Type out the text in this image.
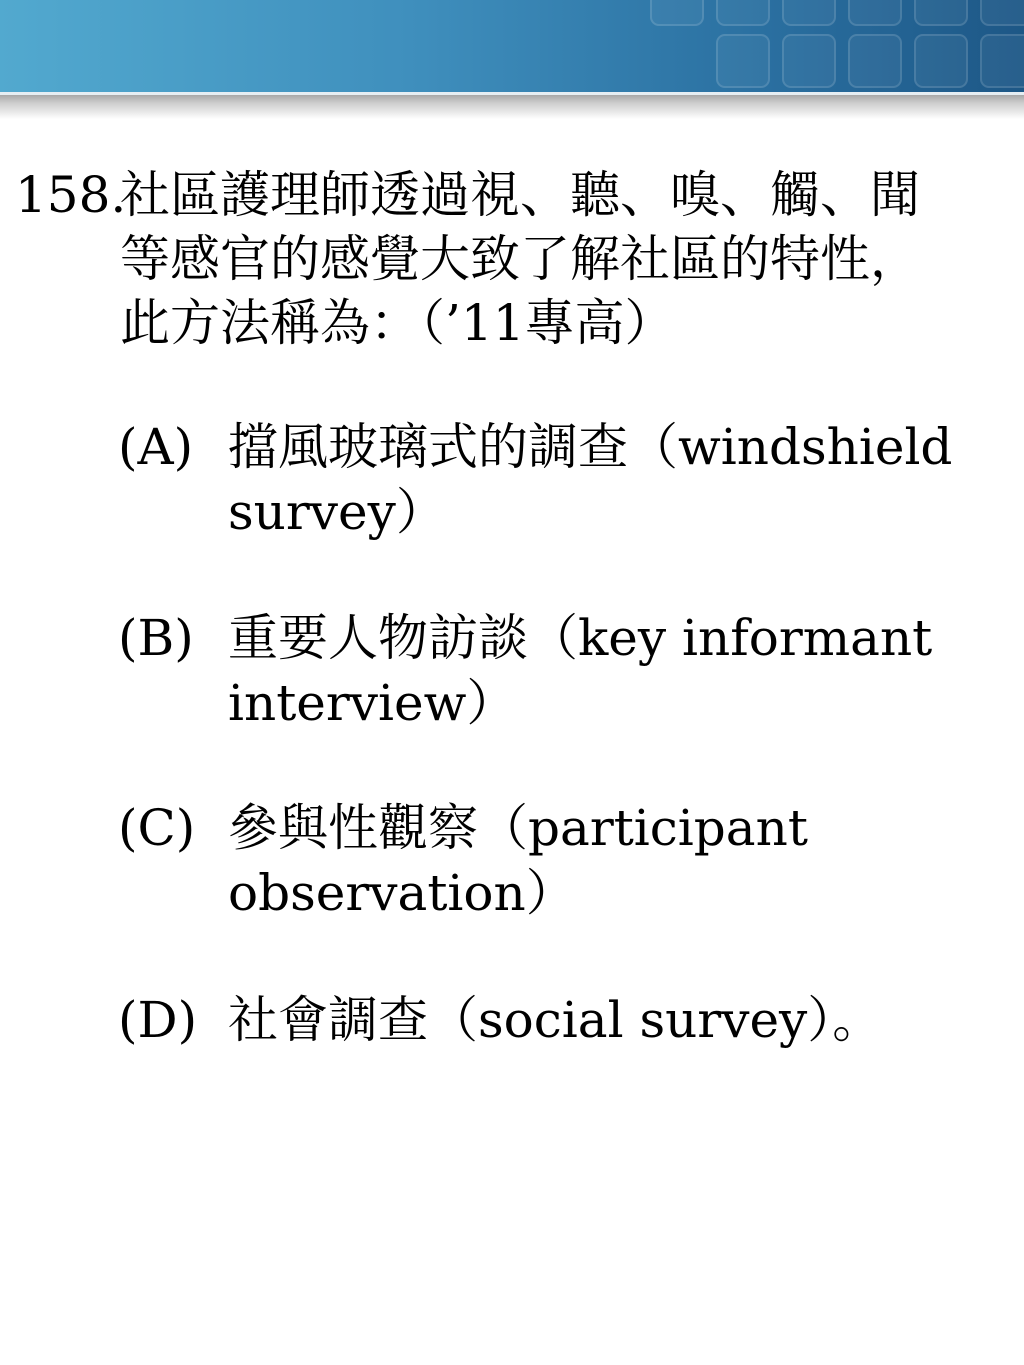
158.
社區護理師透過視、聽、嗅、觸、聞
等感官的感覺大致了解社區的特性，
此方法稱為：（’11專高）
(A) 擋風玻璃式的調查（windshield
survey）
(B) 重要人物訪談（key informant
interview）
(C) 參與性觀察（participant
observation）
(D) 社會調查（social survey）。
